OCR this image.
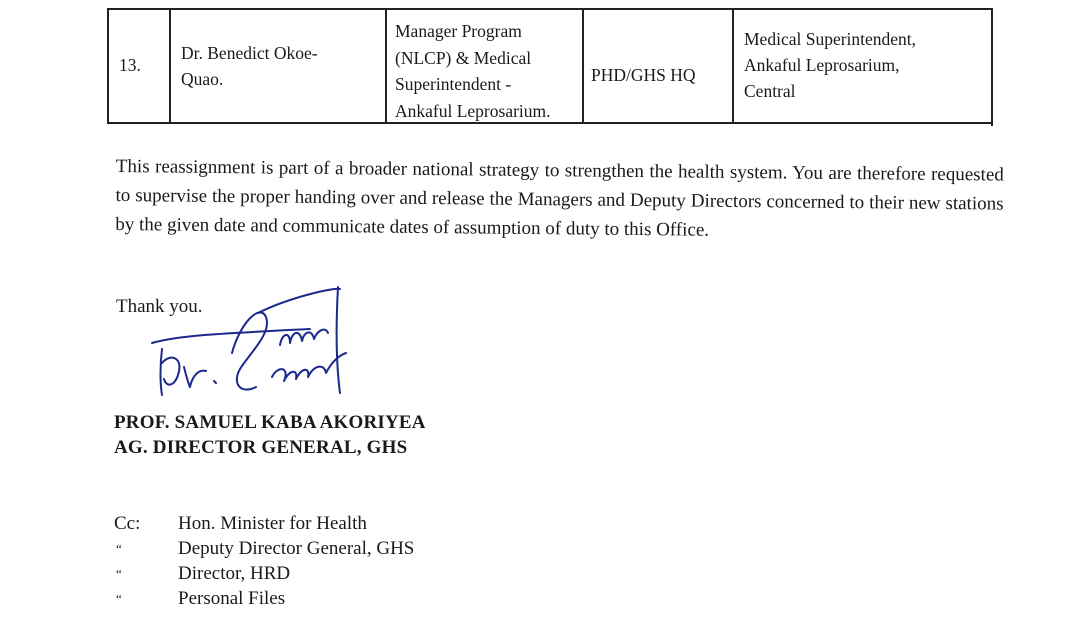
13.
Dr. Benedict Okoe-
Quao.
Manager Program
(NLCP) & Medical
Superintendent -
Ankaful Leprosarium.
PHD/GHS HQ
Medical Superintendent,
Ankaful Leprosarium,
Central
This reassignment is part of a broader national strategy to strengthen the health system. You are therefore requested to supervise the proper handing over and release the Managers and Deputy Directors concerned to their new stations by the given date and communicate dates of assumption of duty to this Office.
Thank you.
PROF. SAMUEL KABA AKORIYEA
AG. DIRECTOR GENERAL, GHS
Cc:
“
“
“
Hon. Minister for Health
Deputy Director General, GHS
Director, HRD
Personal Files
